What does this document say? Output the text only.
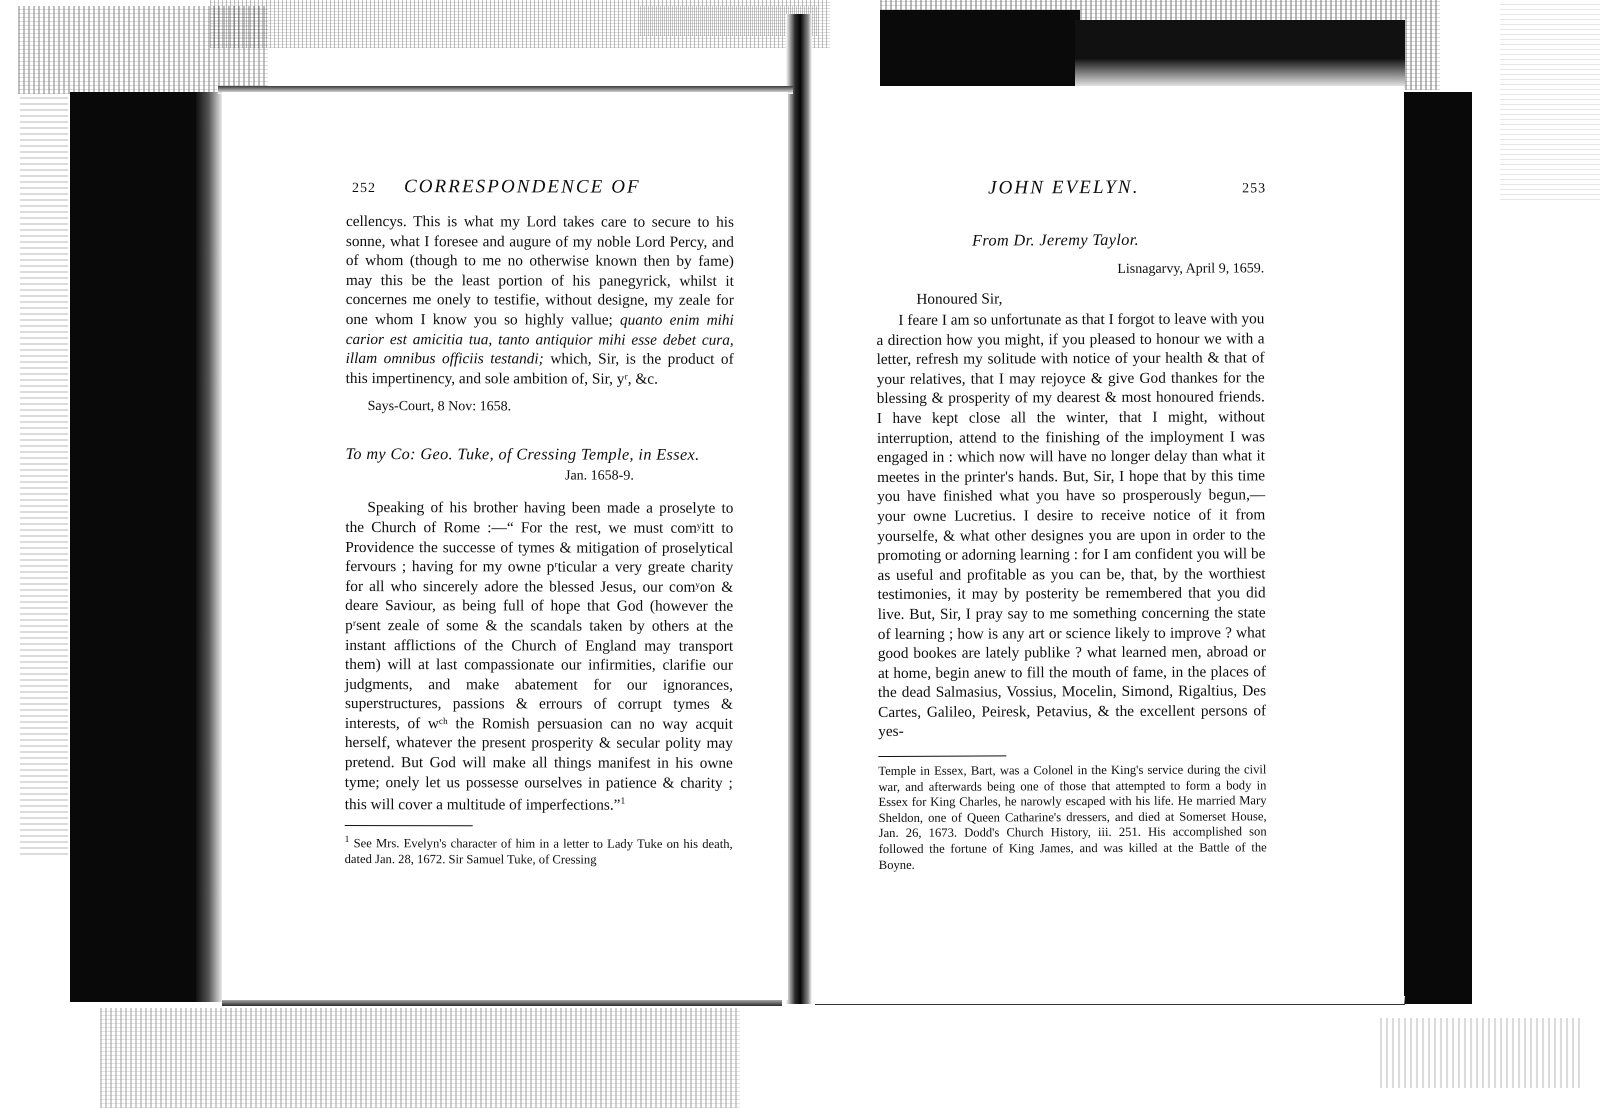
252 CORRESPONDENCE OF
cellencys. This is what my Lord takes care to secure to his sonne, what I foresee and augure of my noble Lord Percy, and of whom (though to me no otherwise known then by fame) may this be the least portion of his panegyrick, whilst it concernes me onely to testifie, without designe, my zeale for one whom I know you so highly vallue; quanto enim mihi carior est amicitia tua, tanto antiquior mihi esse debet cura, illam omnibus officiis testandi; which, Sir, is the product of this impertinency, and sole ambition of, Sir, yʳ, &c.
Says-Court, 8 Nov: 1658.
To my Co: Geo. Tuke, of Cressing Temple, in Essex.
Jan. 1658-9.
Speaking of his brother having been made a proselyte to the Church of Rome :—“ For the rest, we must comʸitt to Providence the successe of tymes & mitigation of proselytical fervours ; having for my owne pʳticular a very greate charity for all who sincerely adore the blessed Jesus, our comʸon & deare Saviour, as being full of hope that God (however the pʳsent zeale of some & the scandals taken by others at the instant afflictions of the Church of England may transport them) will at last compassionate our infirmities, clarifie our judgments, and make abatement for our ignorances, superstructures, passions & errours of corrupt tymes & interests, of wᶜʰ the Romish persuasion can no way acquit herself, whatever the present prosperity & secular polity may pretend. But God will make all things manifest in his owne tyme; onely let us possesse ourselves in patience & charity ; this will cover a multitude of imperfections.”$^1$
$^1$ See Mrs. Evelyn's character of him in a letter to Lady Tuke on his death, dated Jan. 28, 1672. Sir Samuel Tuke, of Cressing
JOHN EVELYN.	253
From Dr. Jeremy Taylor.
Lisnagarvy, April 9, 1659.
Honoured Sir,
I feare I am so unfortunate as that I forgot to leave with you a direction how you might, if you pleased to honour we with a letter, refresh my solitude with notice of your health & that of your relatives, that I may rejoyce & give God thankes for the blessing & prosperity of my dearest & most honoured friends. I have kept close all the winter, that I might, without interruption, attend to the finishing of the imployment I was engaged in : which now will have no longer delay than what it meetes in the printer's hands. But, Sir, I hope that by this time you have finished what you have so prosperously begun,—your owne Lucretius. I desire to receive notice of it from yourselfe, & what other designes you are upon in order to the promoting or adorning learning : for I am confident you will be as useful and profitable as you can be, that, by the worthiest testimonies, it may by posterity be remembered that you did live. But, Sir, I pray say to me something concerning the state of learning ; how is any art or science likely to improve ? what good bookes are lately publike ? what learned men, abroad or at home, begin anew to fill the mouth of fame, in the places of the dead Salmasius, Vossius, Mocelin, Simond, Rigaltius, Des Cartes, Galileo, Peiresk, Petavius, & the excellent persons of yes-
Temple in Essex, Bart, was a Colonel in the King's service during the civil war, and afterwards being one of those that attempted to form a body in Essex for King Charles, he narowly escaped with his life. He married Mary Sheldon, one of Queen Catharine's dressers, and died at Somerset House, Jan. 26, 1673. Dodd's Church History, iii. 251. His accomplished son followed the fortune of King James, and was killed at the Battle of the Boyne.
